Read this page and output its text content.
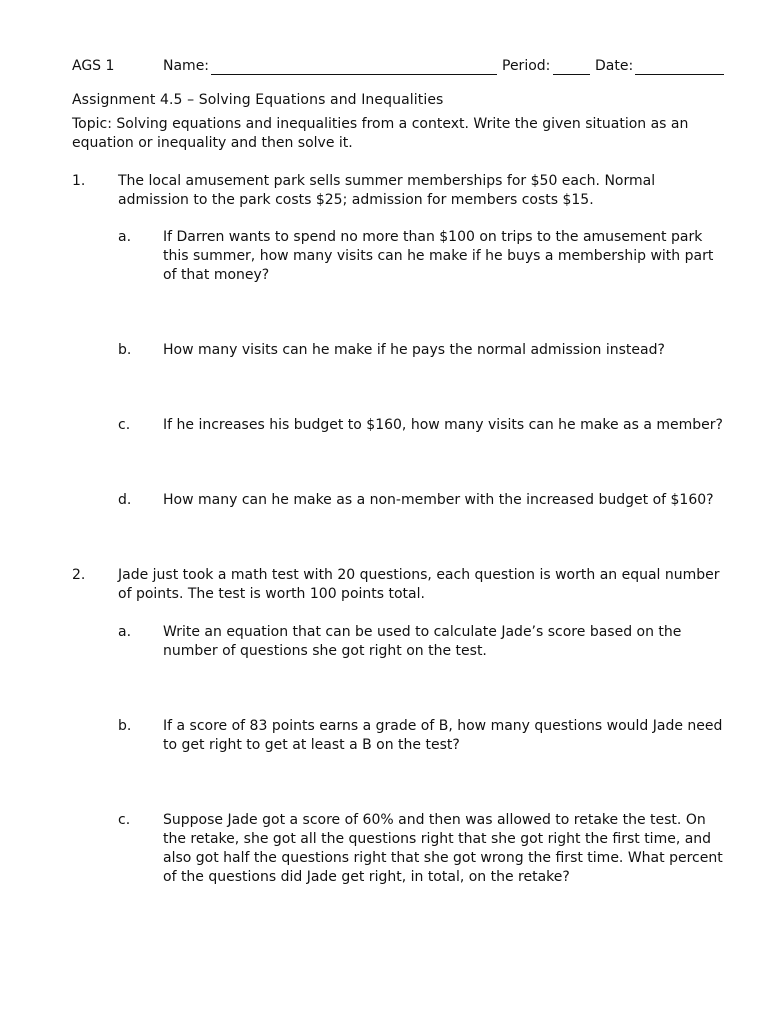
AGS 1	Name:	Period:	Date:
Assignment 4.5 – Solving Equations and Inequalities
Topic: Solving equations and inequalities from a context. Write the given situation as an equation or inequality and then solve it.
1. The local amusement park sells summer memberships for $50 each. Normal admission to the park costs $25; admission for members costs $15.
a. If Darren wants to spend no more than $100 on trips to the amusement park this summer, how many visits can he make if he buys a membership with part of that money?
b. How many visits can he make if he pays the normal admission instead?
c. If he increases his budget to $160, how many visits can he make as a member?
d. How many can he make as a non-member with the increased budget of $160?
2. Jade just took a math test with 20 questions, each question is worth an equal number of points. The test is worth 100 points total.
a. Write an equation that can be used to calculate Jade’s score based on the number of questions she got right on the test.
b. If a score of 83 points earns a grade of B, how many questions would Jade need to get right to get at least a B on the test?
c. Suppose Jade got a score of 60% and then was allowed to retake the test. On the retake, she got all the questions right that she got right the first time, and also got half the questions right that she got wrong the first time. What percent of the questions did Jade get right, in total, on the retake?
